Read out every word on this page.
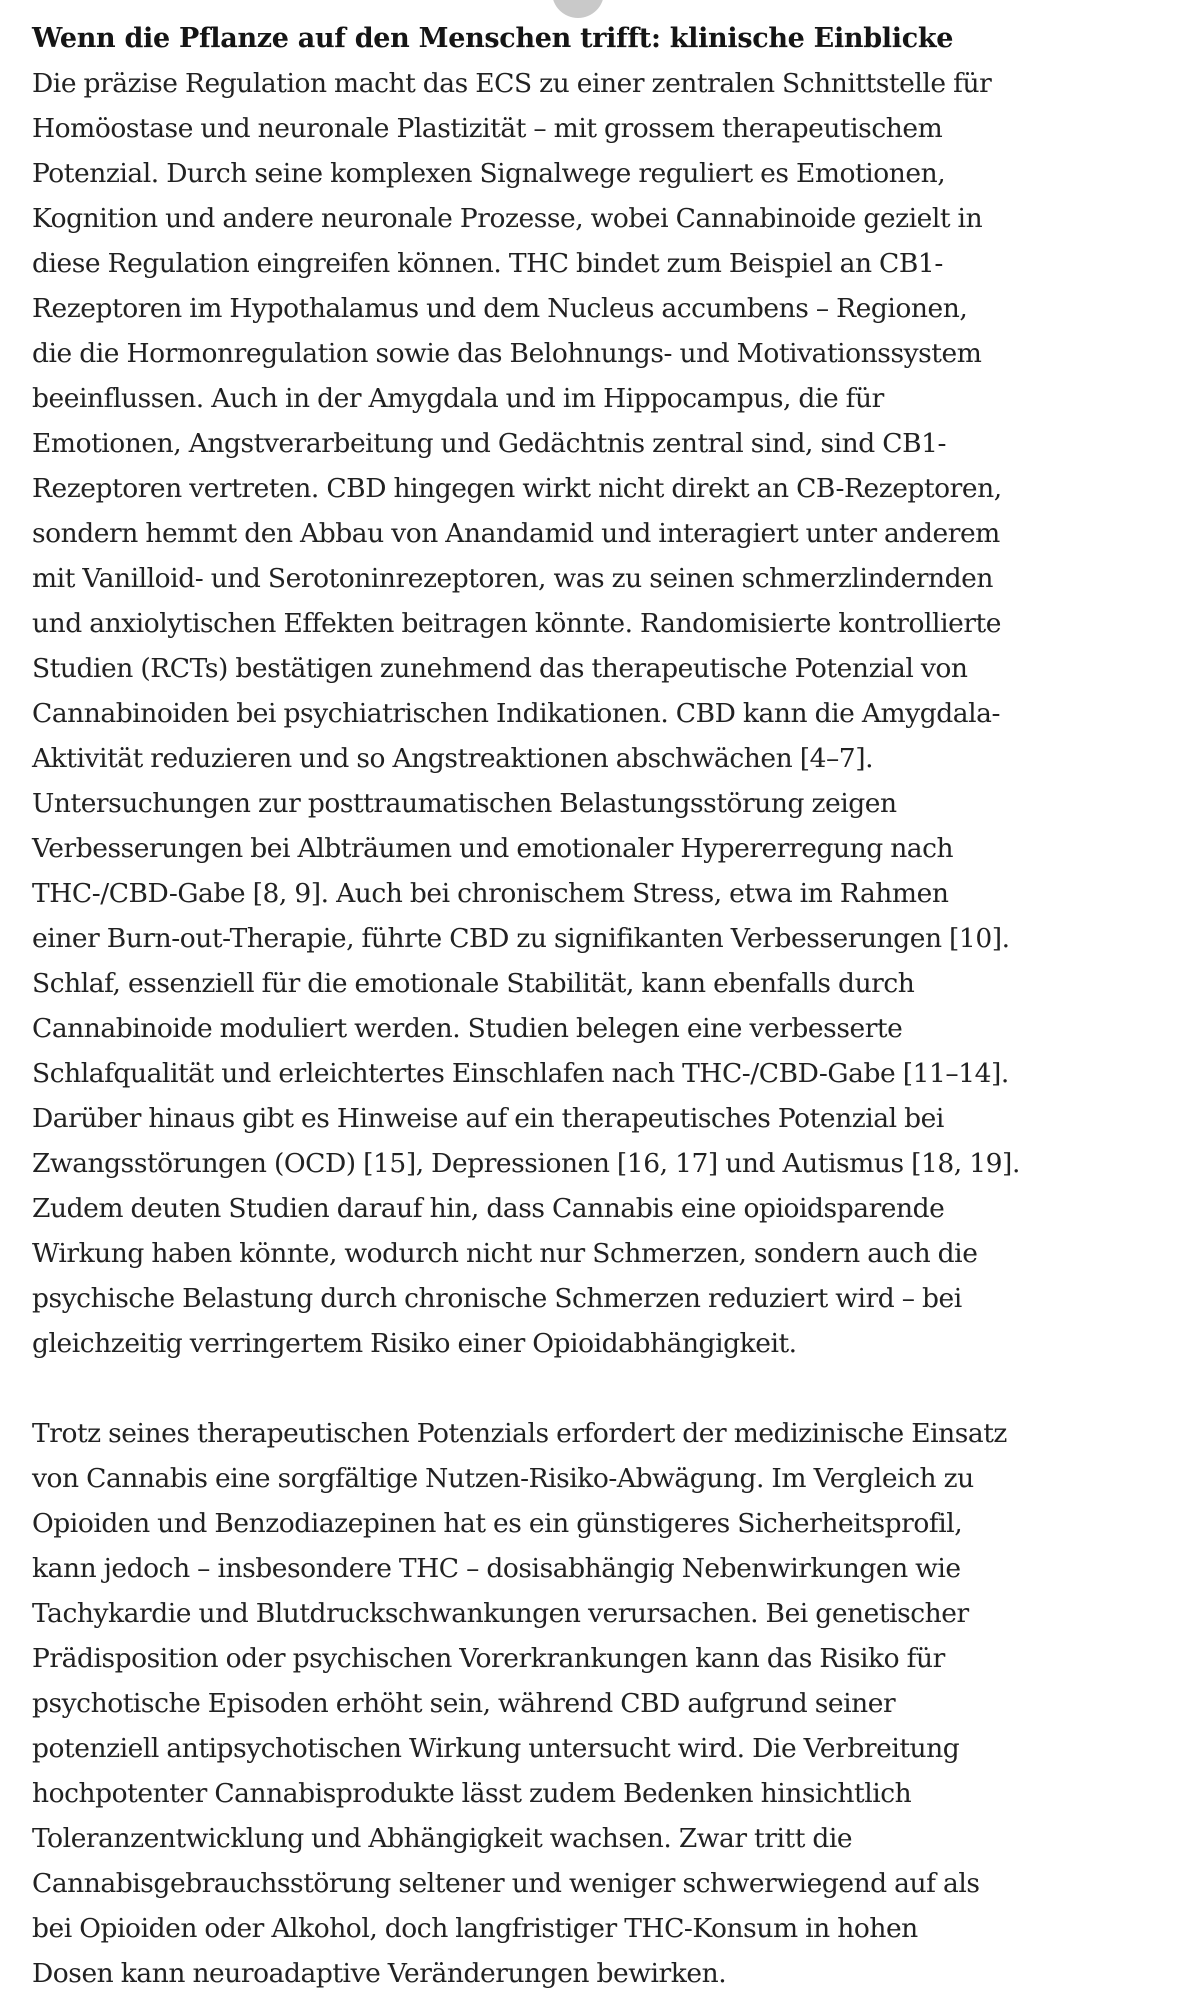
Wenn die Pflanze auf den Menschen trifft: klinische Einblicke

Die präzise Regulation macht das ECS zu einer zentralen Schnittstelle für
Homöostase und neuronale Plastizität – mit grossem therapeutischem
Potenzial. Durch seine komplexen Signalwege reguliert es Emotionen,
Kognition und andere neuronale Prozesse, wobei Cannabinoide gezielt in
diese Regulation eingreifen können. THC bindet zum Beispiel an CB1-
Rezeptoren im Hypothalamus und dem Nucleus accumbens – Regionen,
die die Hormonregulation sowie das Belohnungs- und Motivationssystem
beeinflussen. Auch in der Amygdala und im Hippocampus, die für
Emotionen, Angstverarbeitung und Gedächtnis zentral sind, sind CB1-
Rezeptoren vertreten. CBD hingegen wirkt nicht direkt an CB-Rezeptoren,
sondern hemmt den Abbau von Anandamid und interagiert unter anderem
mit Vanilloid- und Serotoninrezeptoren, was zu seinen schmerzlindernden
und anxiolytischen Effekten beitragen könnte. Randomisierte kontrollierte
Studien (RCTs) bestätigen zunehmend das therapeutische Potenzial von
Cannabinoiden bei psychiatrischen Indikationen. CBD kann die Amygdala-
Aktivität reduzieren und so Angstreaktionen abschwächen [4–7].
Untersuchungen zur posttraumatischen Belastungsstörung zeigen
Verbesserungen bei Albträumen und emotionaler Hypererregung nach
THC-/CBD-Gabe [8, 9]. Auch bei chronischem Stress, etwa im Rahmen
einer Burn-out-Therapie, führte CBD zu signifikanten Verbesserungen [10].
Schlaf, essenziell für die emotionale Stabilität, kann ebenfalls durch
Cannabinoide moduliert werden. Studien belegen eine verbesserte
Schlafqualität und erleichtertes Einschlafen nach THC-/CBD-Gabe [11–14].
Darüber hinaus gibt es Hinweise auf ein therapeutisches Potenzial bei
Zwangsstörungen (OCD) [15], Depressionen [16, 17] und Autismus [18, 19].
Zudem deuten Studien darauf hin, dass Cannabis eine opioidsparende
Wirkung haben könnte, wodurch nicht nur Schmerzen, sondern auch die
psychische Belastung durch chronische Schmerzen reduziert wird – bei
gleichzeitig verringertem Risiko einer Opioidabhängigkeit.

Trotz seines therapeutischen Potenzials erfordert der medizinische Einsatz
von Cannabis eine sorgfältige Nutzen-Risiko-Abwägung. Im Vergleich zu
Opioiden und Benzodiazepinen hat es ein günstigeres Sicherheitsprofil,
kann jedoch – insbesondere THC – dosisabhängig Nebenwirkungen wie
Tachykardie und Blutdruckschwankungen verursachen. Bei genetischer
Prädisposition oder psychischen Vorerkrankungen kann das Risiko für
psychotische Episoden erhöht sein, während CBD aufgrund seiner
potenziell antipsychotischen Wirkung untersucht wird. Die Verbreitung
hochpotenter Cannabisprodukte lässt zudem Bedenken hinsichtlich
Toleranzentwicklung und Abhängigkeit wachsen. Zwar tritt die
Cannabisgebrauchsstörung seltener und weniger schwerwiegend auf als
bei Opioiden oder Alkohol, doch langfristiger THC-Konsum in hohen
Dosen kann neuroadaptive Veränderungen bewirken.
